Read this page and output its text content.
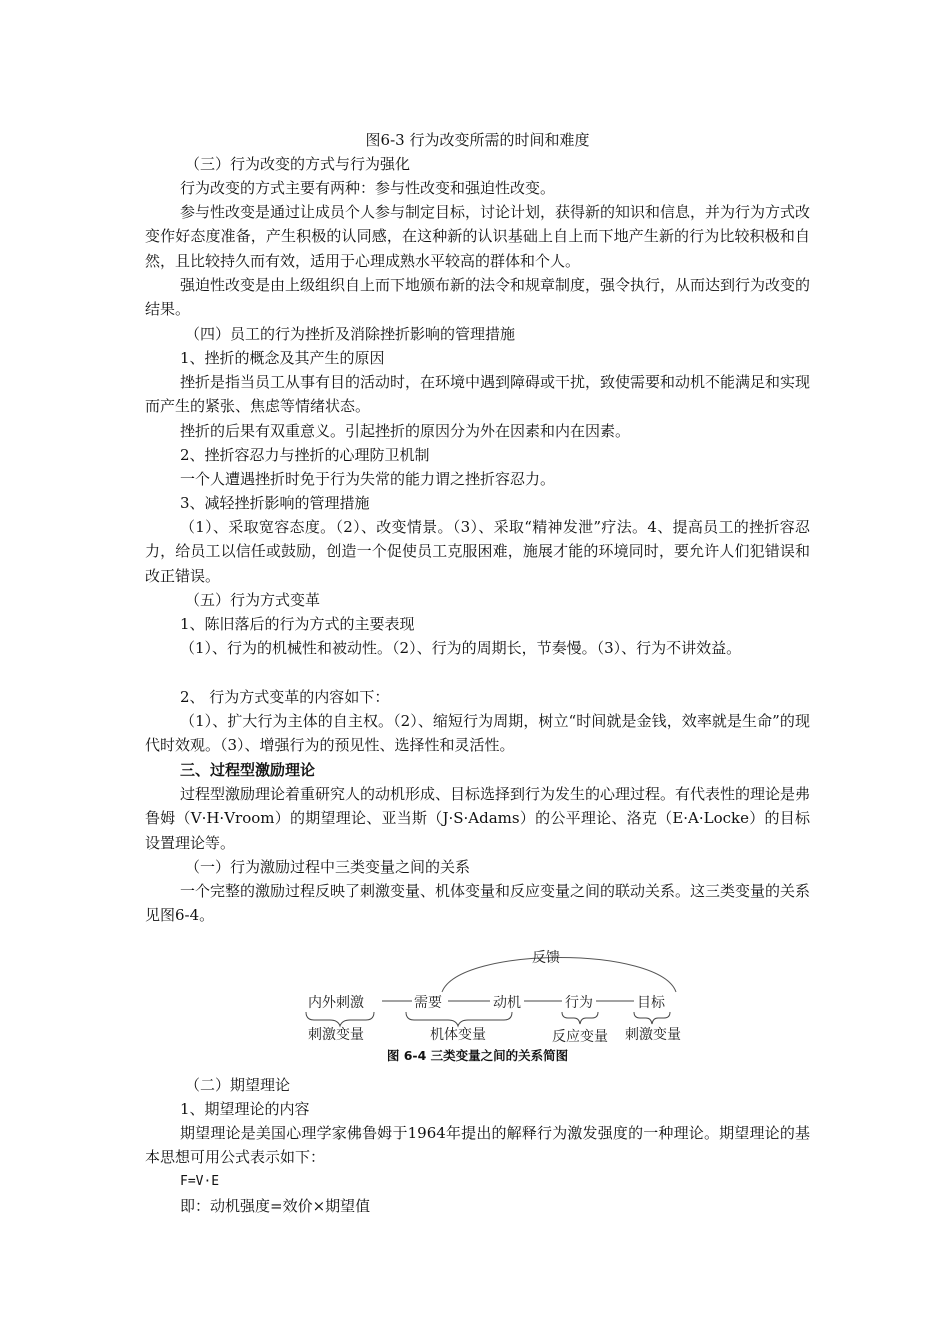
图6-3 行为改变所需的时间和难度
（三）行为改变的方式与行为强化
行为改变的方式主要有两种：参与性改变和强迫性改变。
参与性改变是通过让成员个人参与制定目标，讨论计划，获得新的知识和信息，并为行为方式改变作好态度准备，产生积极的认同感，在这种新的认识基础上自上而下地产生新的行为比较积极和自然，且比较持久而有效，适用于心理成熟水平较高的群体和个人。
强迫性改变是由上级组织自上而下地颁布新的法令和规章制度，强令执行，从而达到行为改变的结果。
（四）员工的行为挫折及消除挫折影响的管理措施
1、挫折的概念及其产生的原因
挫折是指当员工从事有目的活动时，在环境中遇到障碍或干扰，致使需要和动机不能满足和实现而产生的紧张、焦虑等情绪状态。
挫折的后果有双重意义。引起挫折的原因分为外在因素和内在因素。
2、挫折容忍力与挫折的心理防卫机制
一个人遭遇挫折时免于行为失常的能力谓之挫折容忍力。
3、减轻挫折影响的管理措施
（1）、采取宽容态度。（2）、改变情景。（3）、采取“精神发泄”疗法。4、提高员工的挫折容忍力，给员工以信任或鼓励，创造一个促使员工克服困难，施展才能的环境同时，要允许人们犯错误和改正错误。
（五）行为方式变革
1、陈旧落后的行为方式的主要表现
（1）、行为的机械性和被动性。（2）、行为的周期长，节奏慢。（3）、行为不讲效益。
2、 行为方式变革的内容如下：
（1）、扩大行为主体的自主权。（2）、缩短行为周期，树立“时间就是金钱，效率就是生命”的现代时效观。（3）、增强行为的预见性、选择性和灵活性。
三、过程型激励理论
过程型激励理论着重研究人的动机形成、目标选择到行为发生的心理过程。有代表性的理论是弗鲁姆（V·H·Vroom）的期望理论、亚当斯（J·S·Adams）的公平理论、洛克（E·A·Locke）的目标设置理论等。
（一）行为激励过程中三类变量之间的关系
一个完整的激励过程反映了刺激变量、机体变量和反应变量之间的联动关系。这三类变量的关系见图6-4。
反馈
内外刺激	需要	动机	行为	目标
刺激变量	机体变量	反应变量 刺激变量
图 6-4 三类变量之间的关系简图
（二）期望理论
1、期望理论的内容
期望理论是美国心理学家佛鲁姆于1964年提出的解释行为激发强度的一种理论。期望理论的基本思想可用公式表示如下：
F=V·E
即：动机强度=效价×期望值
